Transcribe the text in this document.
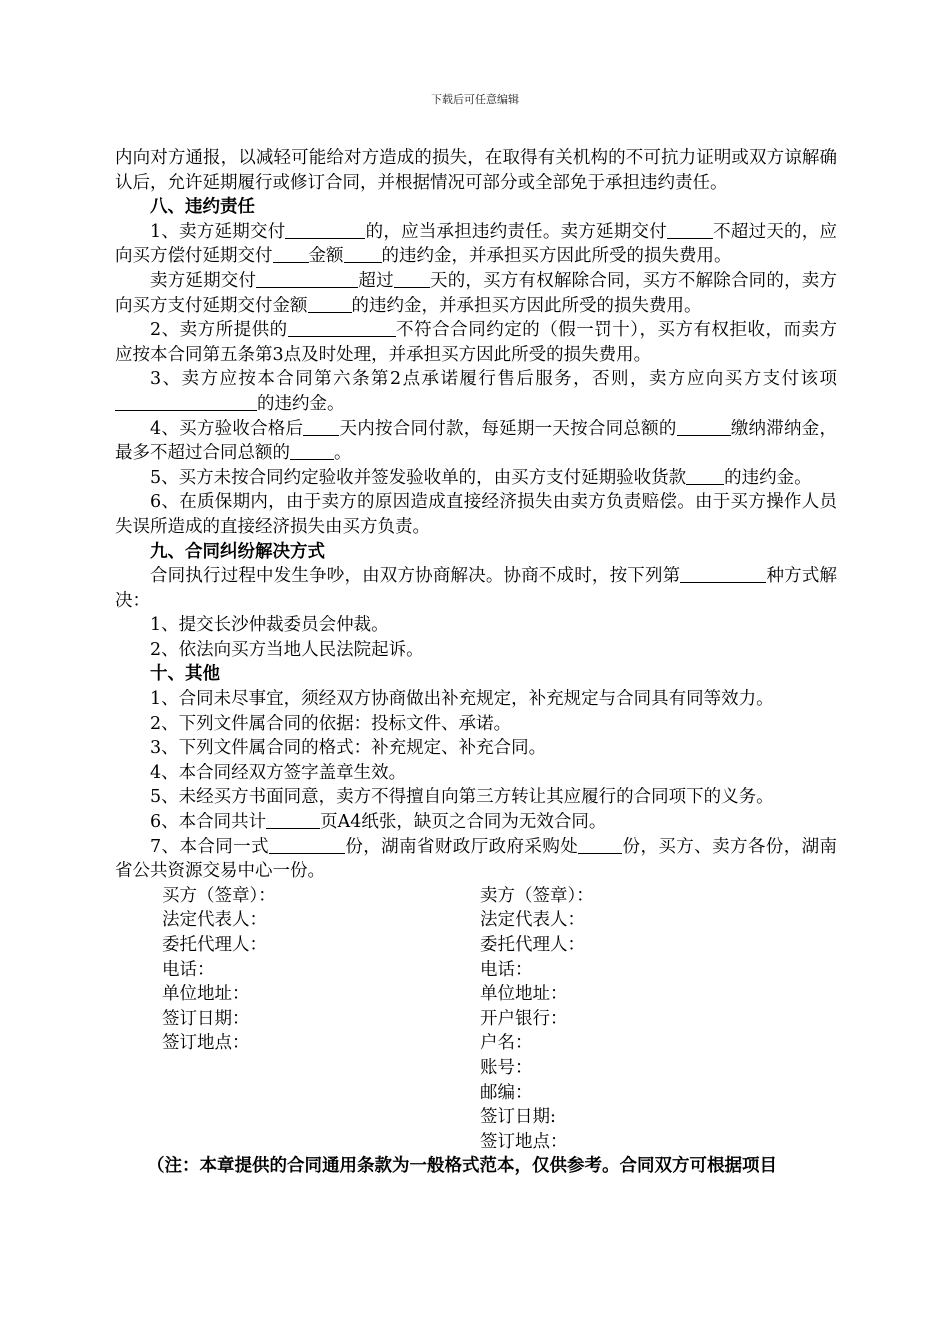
下载后可任意编辑

内向对方通报，以减轻可能给对方造成的损失，在取得有关机构的不可抗力证明或双方谅解确认后，允许延期履行或修订合同，并根据情况可部分或全部免于承担违约责任。

八、违约责任

1、卖方延期交付	的，应当承担违约责任。卖方延期交付	不超过天的，应向买方偿付延期交付 金额 的违约金，并承担买方因此所受的损失费用。

卖方延期交付	超过 天的，买方有权解除合同，买方不解除合同的，卖方向买方支付延期交付金额	的违约金，并承担买方因此所受的损失费用。

2、卖方所提供的	不符合合同约定的（假一罚十），买方有权拒收，而卖方应按本合同第五条第3点及时处理，并承担买方因此所受的损失费用。

3、卖方应按本合同第六条第2点承诺履行售后服务，否则，卖方应向买方支付该项的违约金。

4、买方验收合格后 天内按合同付款，每延期一天按合同总额的	缴纳滞纳金，最多不超过合同总额的	。

5、买方未按合同约定验收并签发验收单的，由买方支付延期验收货款 的违约金。

6、在质保期内，由于卖方的原因造成直接经济损失由卖方负责赔偿。由于买方操作人员失误所造成的直接经济损失由买方负责。

九、合同纠纷解决方式

合同执行过程中发生争吵，由双方协商解决。协商不成时，按下列第	种方式解决：

1、提交长沙仲裁委员会仲裁。

2、依法向买方当地人民法院起诉。

十、其他

1、合同未尽事宜，须经双方协商做出补充规定，补充规定与合同具有同等效力。

2、下列文件属合同的依据：投标文件、承诺。

3、下列文件属合同的格式：补充规定、补充合同。

4、本合同经双方签字盖章生效。

5、未经买方书面同意，卖方不得擅自向第三方转让其应履行的合同项下的义务。

6、本合同共计	页A4纸张，缺页之合同为无效合同。

7、本合同一式	份，湖南省财政厅政府采购处	份，买方、卖方各份，湖南省公共资源交易中心一份。

买方（签章）：
法定代表人：
委托代理人：
电话：
单位地址：
签订日期：
签订地点：
卖方（签章）：
法定代表人：
委托代理人：
电话：
单位地址：
开户银行：
户名：
账号：
邮编：
签订日期:
签订地点：

（注：本章提供的合同通用条款为一般格式范本，仅供参考。合同双方可根据项目
